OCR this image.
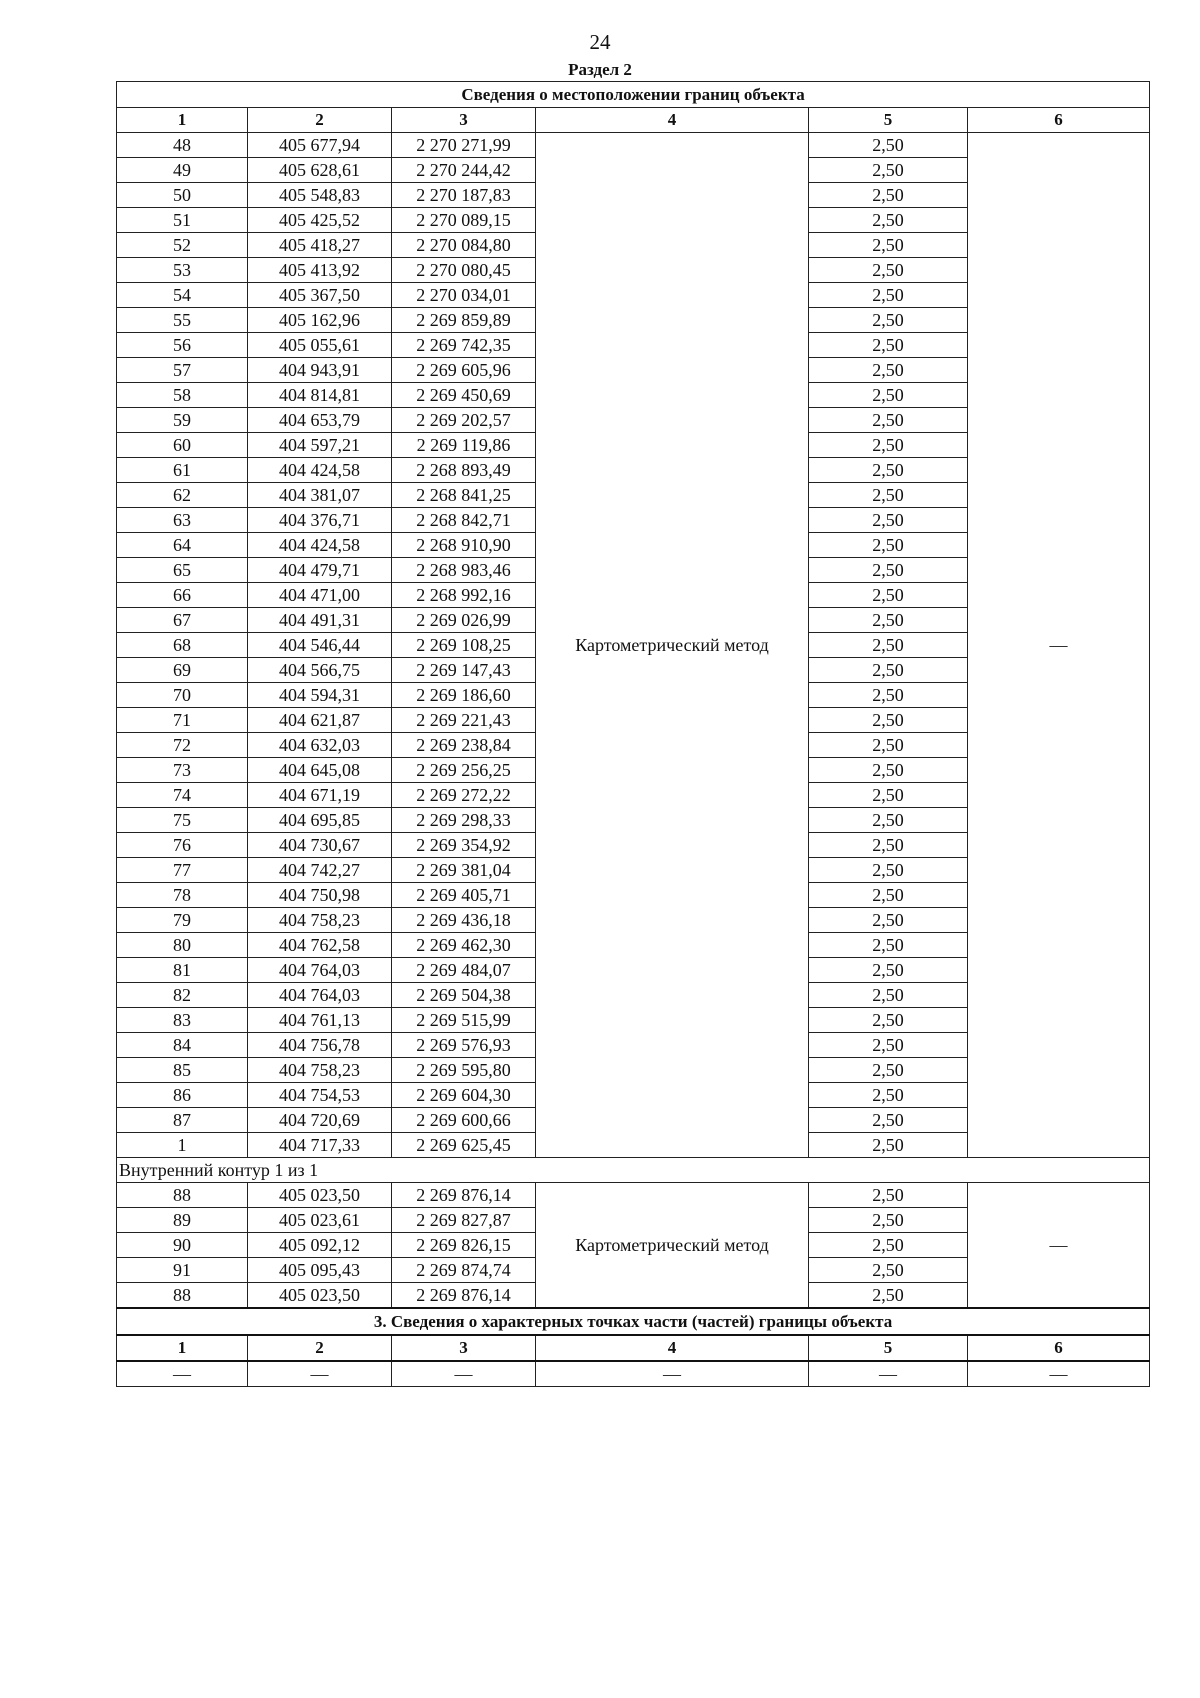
24
Раздел 2
Сведения о местоположении границ объекта					
1	2	3	4	5	6
48	405 677,94	2 270 271,99	Картометрический метод	2,50	—
49	405 628,61	2 270 244,42		2,50	
50	405 548,83	2 270 187,83		2,50	
51	405 425,52	2 270 089,15		2,50	
52	405 418,27	2 270 084,80		2,50	
53	405 413,92	2 270 080,45		2,50	
54	405 367,50	2 270 034,01		2,50	
55	405 162,96	2 269 859,89		2,50	
56	405 055,61	2 269 742,35		2,50	
57	404 943,91	2 269 605,96		2,50	
58	404 814,81	2 269 450,69		2,50	
59	404 653,79	2 269 202,57		2,50	
60	404 597,21	2 269 119,86		2,50	
61	404 424,58	2 268 893,49		2,50	
62	404 381,07	2 268 841,25		2,50	
63	404 376,71	2 268 842,71		2,50	
64	404 424,58	2 268 910,90		2,50	
65	404 479,71	2 268 983,46		2,50	
66	404 471,00	2 268 992,16		2,50	
67	404 491,31	2 269 026,99		2,50	
68	404 546,44	2 269 108,25		2,50	
69	404 566,75	2 269 147,43		2,50	
70	404 594,31	2 269 186,60		2,50	
71	404 621,87	2 269 221,43		2,50	
72	404 632,03	2 269 238,84		2,50	
73	404 645,08	2 269 256,25		2,50	
74	404 671,19	2 269 272,22		2,50	
75	404 695,85	2 269 298,33		2,50	
76	404 730,67	2 269 354,92		2,50	
77	404 742,27	2 269 381,04		2,50	
78	404 750,98	2 269 405,71		2,50	
79	404 758,23	2 269 436,18		2,50	
80	404 762,58	2 269 462,30		2,50	
81	404 764,03	2 269 484,07		2,50	
82	404 764,03	2 269 504,38		2,50	
83	404 761,13	2 269 515,99		2,50	
84	404 756,78	2 269 576,93		2,50	
85	404 758,23	2 269 595,80		2,50	
86	404 754,53	2 269 604,30		2,50	
87	404 720,69	2 269 600,66		2,50	
1	404 717,33	2 269 625,45		2,50	
Внутренний контур 1 из 1					
88	405 023,50	2 269 876,14	Картометрический метод	2,50	—
89	405 023,61	2 269 827,87		2,50	
90	405 092,12	2 269 826,15		2,50	
91	405 095,43	2 269 874,74		2,50	
88	405 023,50	2 269 876,14		2,50	
3. Сведения о характерных точках части (частей) границы объекта					
1	2	3	4	5	6
—	—	—	—	—	—
